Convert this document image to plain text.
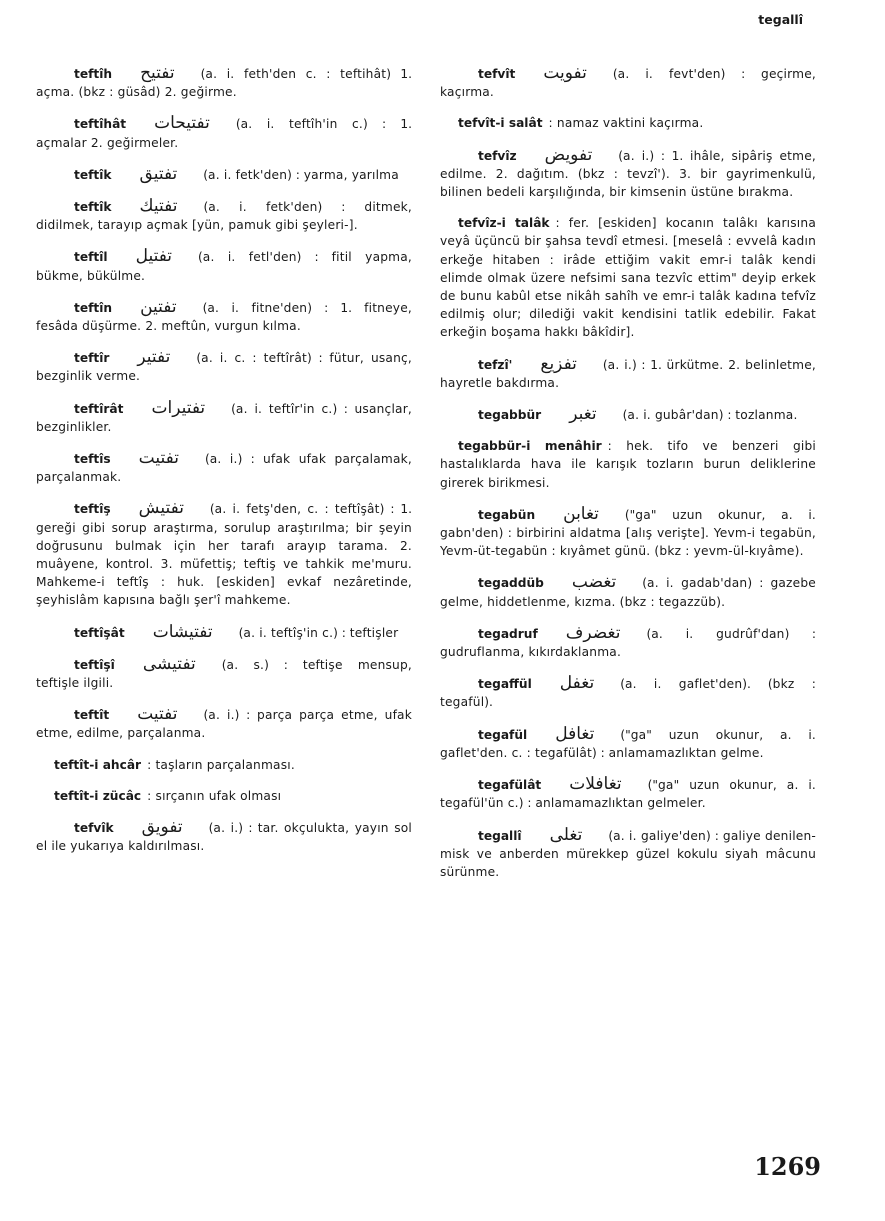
tegallî

teftîh تفتيح (a. i. feth'den c. : teftihât) 1. açma. (bkz : güsâd) 2. geğirme.

teftîhât تفتيحات (a. i. teftîh'in c.) : 1. açmalar 2. geğirmeler.

teftîk تفتيق (a. i. fetk'den) : yarma, yarılma

teftîk تفتيك (a. i. fetk'den) : ditmek, didilmek, tarayıp açmak [yün, pamuk gibi şeyleri-].

teftîl تفتيل (a. i. fetl'den) : fitil yapma, bükme, bükülme.

teftîn تفتين (a. i. fitne'den) : 1. fitneye, fesâda düşürme. 2. meftûn, vurgun kılma.

teftîr تفتير (a. i. c. : teftîrât) : fütur, usanç, bezginlik verme.

teftîrât تفتيرات (a. i. teftîr'in c.) : usançlar, bezginlikler.

teftîs تفتيت (a. i.) : ufak ufak parçalamak, parçalanmak.

teftîş تفتيش (a. i. fetş'den, c. : teftîşât) : 1. gereği gibi sorup araştırma, sorulup araştırılma; bir şeyin doğrusunu bulmak için her tarafı arayıp tarama. 2. muâyene, kontrol. 3. müfettiş; teftiş ve tahkik me'muru. Mahkeme-i teftîş : huk. [eskiden] evkaf nezâretinde, şeyhislâm kapısına bağlı şer'î mahkeme.

teftîşât تفتيشات (a. i. teftîş'in c.) : teftişler

teftîşî تفتيشى (a. s.) : teftişe mensup, teftişle ilgili.

teftît تفتيت (a. i.) : parça parça etme, ufak etme, edilme, parçalanma.

teftît-i ahcâr : taşların parçalanması.

teftît-i zücâc : sırçanın ufak olması

tefvîk تفويق (a. i.) : tar. okçulukta, yayın sol el ile yukarıya kaldırılması.

tefvît تفويت (a. i. fevt'den) : geçirme, kaçırma.

tefvît-i salât : namaz vaktini kaçırma.

tefvîz تفويض (a. i.) : 1. ihâle, sipâriş etme, edilme. 2. dağıtım. (bkz : tevzî'). 3. bir gayrimenkulü, bilinen bedeli karşılığında, bir kimsenin üstüne bırakma.

tefvîz-i talâk : fer. [eskiden] kocanın talâkı karısına veyâ üçüncü bir şahsa tevdî etmesi. [meselâ : evvelâ kadın erkeğe hitaben : irâde ettiğim vakit emr-i talâk kendi elimde olmak üzere nefsimi sana tezvîc ettim" deyip erkek de bunu kabûl etse nikâh sahîh ve emr-i talâk kadına tefvîz edilmiş olur; dilediği vakit kendisini tatlik edebilir. Fakat erkeğin boşama hakkı bâkîdir].

tefzî' تفزيع (a. i.) : 1. ürkütme. 2. belinletme, hayretle bakdırma.

tegabbür تغبر (a. i. gubâr'dan) : tozlanma.

tegabbür-i menâhir : hek. tifo ve benzeri gibi hastalıklarda hava ile karışık tozların burun deliklerine girerek birikmesi.

tegabün تغابن ("ga" uzun okunur, a. i. gabn'den) : birbirini aldatma [alış verişte]. Yevm-i tegabün, Yevm-üt-tegabün : kıyâmet günü. (bkz : yevm-ül-kıyâme).

tegaddüb تغضب (a. i. gadab'dan) : gazebe gelme, hiddetlenme, kızma. (bkz : tegazzüb).

tegadruf تغضرف (a. i. gudrûf'dan) : gudruflanma, kıkırdaklanma.

tegaffül تغفل (a. i. gaflet'den). (bkz : tegafül).

tegafül تغافل ("ga" uzun okunur, a. i. gaflet'den. c. : tegafülât) : anlamamazlıktan gelme.

tegafülât تغافلات ("ga" uzun okunur, a. i. tegafül'ün c.) : anlamamazlıktan gelmeler.

tegallî تغلى (a. i. galiye'den) : galiye denilen-misk ve anberden mürekkep güzel kokulu siyah mâcunu sürünme.

1269
